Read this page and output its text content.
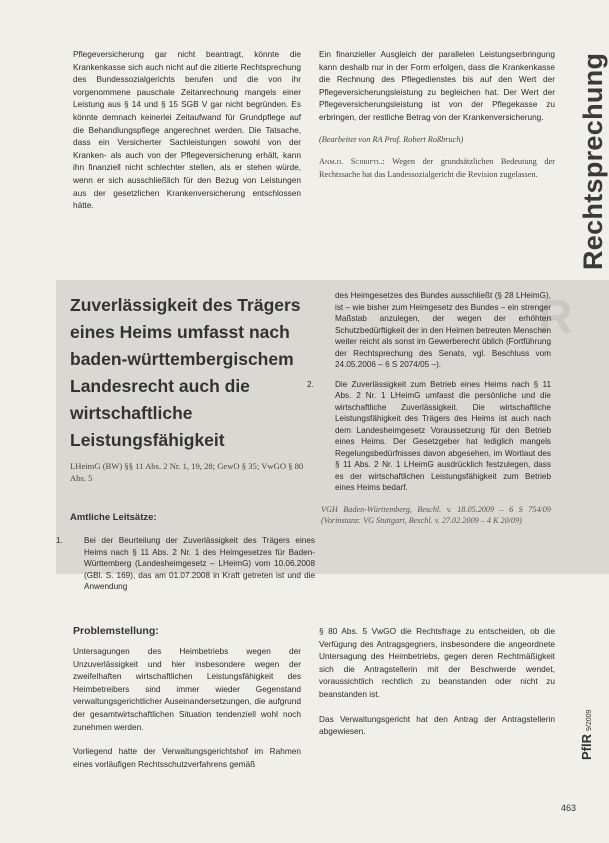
R

Pflegeversicherung gar nicht beantragt, könnte die Krankenkasse sich auch nicht auf die zitierte Rechtsprechung des Bundessozialgerichts berufen und die von ihr vorgenommene pauschale Zeitanrechnung mangels einer Leistung aus § 14 und § 15 SGB V gar nicht begründen. Es könnte demnach keinerlei Zeitaufwand für Grundpflege auf die Behandlungspflege angerechnet werden. Die Tatsache, dass ein Versicherter Sachleistungen sowohl von der Kranken- als auch von der Pflegeversicherung erhält, kann ihn finanziell nicht schlechter stellen, als er stehen würde, wenn er sich ausschließlich für den Bezug von Leistungen aus der gesetzlichen Krankenversicherung entschlossen hätte.

Ein finanzieller Ausgleich der parallelen Leistungserbringung kann deshalb nur in der Form erfolgen, dass die Krankenkasse die Rechnung des Pflegedienstes bis auf den Wert der Pflegeversicherungsleistung zu begleichen hat. Der Wert der Pflegeversicherungsleistung ist von der Pflegekasse zu erbringen, der restliche Betrag von der Krankenversicherung.

(Bearbeitet von RA Prof. Robert Roßbruch)

Anm.d. Schriftl.: Wegen der grundsätzlichen Bedeutung der Rechtssache hat das Landessozialgericht die Revision zugelassen.	Rechtsprechung
Zuverlässigkeit des Trägers eines Heims umfasst nach baden-württembergischem Landesrecht auch die wirtschaftliche Leistungsfähigkeit
LHeimG (BW) §§ 11 Abs. 2 Nr. 1, 19, 28; GewO § 35; VwGO § 80 Abs. 5
Amtliche Leitsätze:

1.	Bei der Beurteilung der Zuverlässigkeit des Trägers eines Heims nach § 11 Abs. 2 Nr. 1 des Heimgesetzes für Baden-Württemberg (Landesheimgesetz – LHeimG) vom 10.06.2008 (GBl. S. 169), das am 01.07.2008 in Kraft getreten ist und die Anwendung

des Heimgesetzes des Bundes ausschließt (§ 28 LHeimG), ist – wie bisher zum Heimgesetz des Bundes – ein strenger Maßstab anzulegen, der wegen der erhöhten Schutzbedürftigkeit der in den Heimen betreuten Menschen weiter reicht als sonst im Gewerberecht üblich (Fortführung der Rechtsprechung des Senats, vgl. Beschluss vom 24.05.2006 – 6 S 2074/05 –).

2.	Die Zuverlässigkeit zum Betrieb eines Heims nach § 11 Abs. 2 Nr. 1 LHeimG umfasst die persönliche und die wirtschaftliche Zuverlässigkeit. Die wirtschaftliche Leistungsfähigkeit des Trägers des Heims ist auch nach dem Landesheimgesetz Voraussetzung für den Betrieb eines Heims. Der Gesetzgeber hat lediglich mangels Regelungsbedürfnisses davon abgesehen, im Wortlaut des § 11 Abs. 2 Nr. 1 LHeimG ausdrücklich festzulegen, dass es der wirtschaftlichen Leistungsfähigkeit zum Betrieb eines Heims bedarf.

VGH Baden-Württemberg, Beschl. v. 18.05.2009 – 6 S 754/09 (Vorinstanz: VG Stuttgart, Beschl. v. 27.02.2009 – 4 K 20/09)

Problemstellung:

Untersagungen des Heimbetriebs wegen der Unzuverlässigkeit und hier insbesondere wegen der zweifelhaften wirtschaftlichen Leistungsfähigkeit des Heimbetreibers sind immer wieder Gegenstand verwaltungsgerichtlicher Auseinandersetzungen, die aufgrund der gesamtwirtschaftlichen Situation tendenziell wohl noch zunehmen werden.

Vorliegend hatte der Verwaltungsgerichtshof im Rahmen eines vorläufigen Rechtsschutzverfahrens gemäß

§ 80 Abs. 5 VwGO die Rechtsfrage zu entscheiden, ob die Verfügung des Antragsgegners, insbesondere die angeordnete Untersagung des Heimbetriebs, gegen deren Rechtmäßigkeit sich die Antragstellerin mit der Beschwerde wendet, voraussichtlich rechtlich zu beanstanden oder nicht zu beanstanden ist.

Das Verwaltungsgericht hat den Antrag der Antragstellerin abgewiesen.

PflR9/2009
463
